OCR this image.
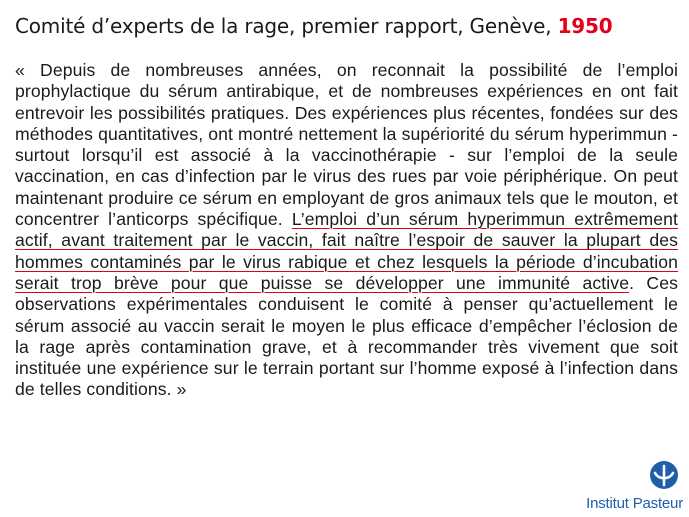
Comité d’experts de la rage, premier rapport, Genève, 1950
« Depuis de nombreuses années, on reconnait la possibilité de l’emploi prophylactique du sérum antirabique, et de nombreuses expériences en ont fait entrevoir les possibilités pratiques. Des expériences plus récentes, fondées sur des méthodes quantitatives, ont montré nettement la supériorité du sérum hyperimmun - surtout lorsqu’il est associé à la vaccinothérapie - sur l’emploi de la seule vaccination, en cas d’infection par le virus des rues par voie périphérique. On peut maintenant produire ce sérum en employant de gros animaux tels que le mouton, et concentrer l’anticorps spécifique. L’emploi d’un sérum hyperimmun extrêmement actif, avant traitement par le vaccin, fait naître l’espoir de sauver la plupart des hommes contaminés par le virus rabique et chez lesquels la période d’incubation serait trop brève pour que puisse se développer une immunité active. Ces observations expérimentales conduisent le comité à penser qu’actuellement le sérum associé au vaccin serait le moyen le plus efficace d’empêcher l’éclosion de la rage après contamination grave, et à recommander très vivement que soit instituée une expérience sur le terrain portant sur l’homme exposé à l’infection dans de telles conditions. »
Institut Pasteur
